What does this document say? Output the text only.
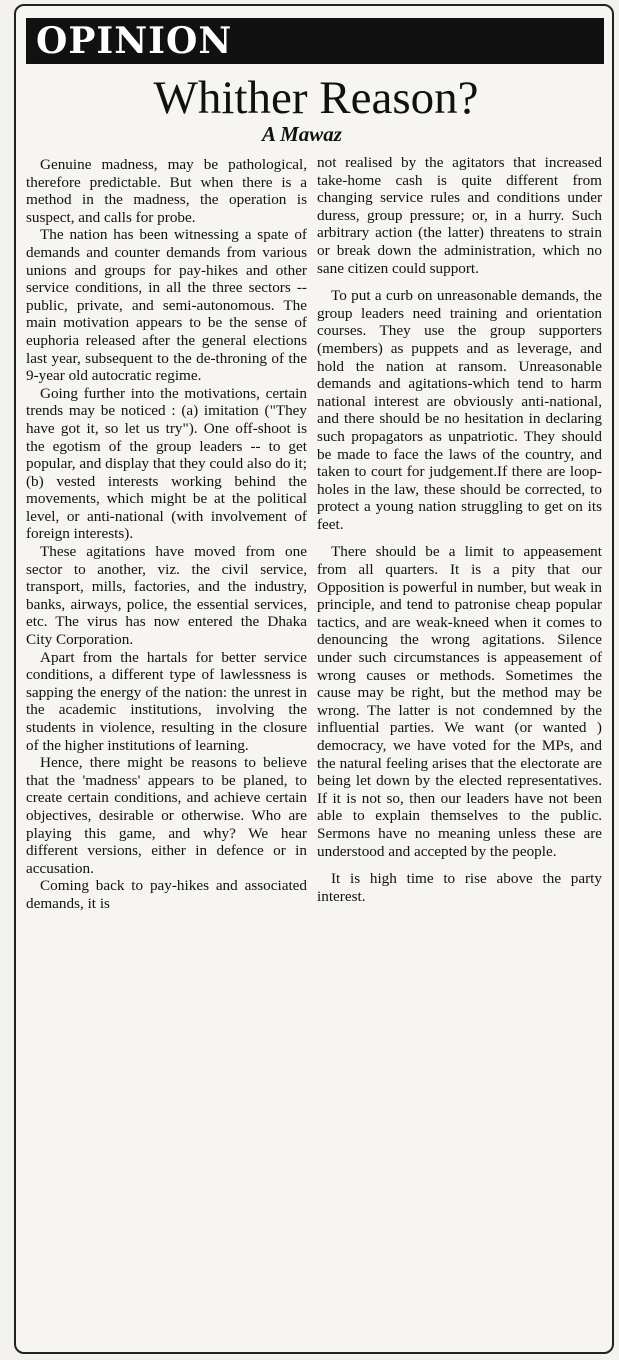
OPINION
Whither Reason?
A Mawaz

Genuine madness, may be pathological, therefore predictable. But when there is a method in the madness, the operation is suspect, and calls for probe.

The nation has been witnessing a spate of demands and counter demands from various unions and groups for pay-hikes and other service conditions, in all the three sectors -- public, private, and semi-autonomous. The main motivation appears to be the sense of euphoria released after the general elections last year, subsequent to the de-throning of the 9-year old autocratic regime.

Going further into the motivations, certain trends may be noticed : (a) imitation ("They have got it, so let us try"). One off-shoot is the egotism of the group leaders -- to get popular, and display that they could also do it; (b) vested interests working behind the movements, which might be at the political level, or anti-national (with involvement of foreign interests).

These agitations have moved from one sector to another, viz. the civil service, transport, mills, factories, and the industry, banks, airways, police, the essential services, etc. The virus has now entered the Dhaka City Corporation.

Apart from the hartals for better service conditions, a different type of lawlessness is sapping the energy of the nation: the unrest in the academic institutions, involving the students in violence, resulting in the closure of the higher institutions of learning.

Hence, there might be reasons to believe that the 'madness' appears to be planed, to create certain conditions, and achieve certain objectives, desirable or otherwise. Who are playing this game, and why? We hear different versions, either in defence or in accusation.

Coming back to pay-hikes and associated demands, it is

not realised by the agitators that increased take-home cash is quite different from changing service rules and conditions under duress, group pressure; or, in a hurry. Such arbitrary action (the latter) threatens to strain or break down the administration, which no sane citizen could support.

To put a curb on unreasonable demands, the group leaders need training and orientation courses. They use the group supporters (members) as puppets and as leverage, and hold the nation at ransom. Unreasonable demands and agitations-which tend to harm national interest are obviously anti-national, and there should be no hesitation in declaring such propagators as unpatriotic. They should be made to face the laws of the country, and taken to court for judgement.If there are loop-holes in the law, these should be corrected, to protect a young nation struggling to get on its feet.

There should be a limit to appeasement from all quarters. It is a pity that our Opposition is powerful in number, but weak in principle, and tend to patronise cheap popular tactics, and are weak-kneed when it comes to denouncing the wrong agitations. Silence under such circumstances is appeasement of wrong causes or methods. Sometimes the cause may be right, but the method may be wrong. The latter is not condemned by the influential parties. We want (or wanted ) democracy, we have voted for the MPs, and the natural feeling arises that the electorate are being let down by the elected representatives. If it is not so, then our leaders have not been able to explain themselves to the public. Sermons have no meaning unless these are understood and accepted by the people.

It is high time to rise above the party interest.
